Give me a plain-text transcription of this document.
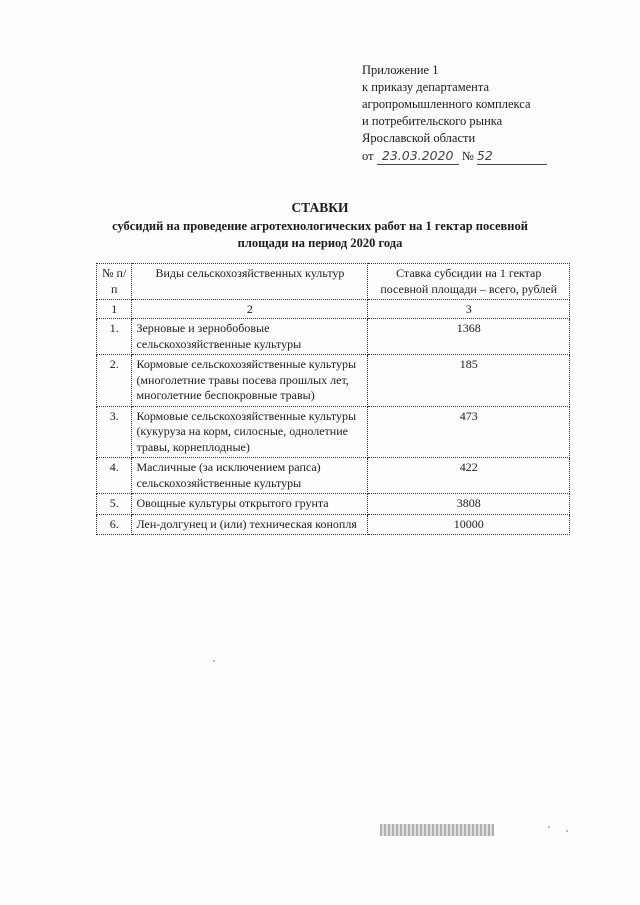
Приложение 1
к приказу департамента
агропромышленного комплекса
и потребительского рынка
Ярославской области
от 23.03.2020 № 52
СТАВКИ
субсидий на проведение агротехнологических работ на 1 гектар посевной площади на период 2020 года
№ п/п	Виды сельскохозяйственных культур	Ставка субсидии на 1 гектар посевной площади – всего, рублей
1	2	3
1.	Зерновые и зернобобовые сельскохозяйственные культуры	1368
2.	Кормовые сельскохозяйственные культуры (многолетние травы посева прошлых лет, многолетние беспокровные травы)	185
3.	Кормовые сельскохозяйственные культуры (кукуруза на корм, силосные, однолетние травы, корнеплодные)	473
4.	Масличные (за исключением рапса) сельскохозяйственные культуры	422
5.	Овощные культуры открытого грунта	3808
6.	Лен-долгунец и (или) техническая конопля	10000
